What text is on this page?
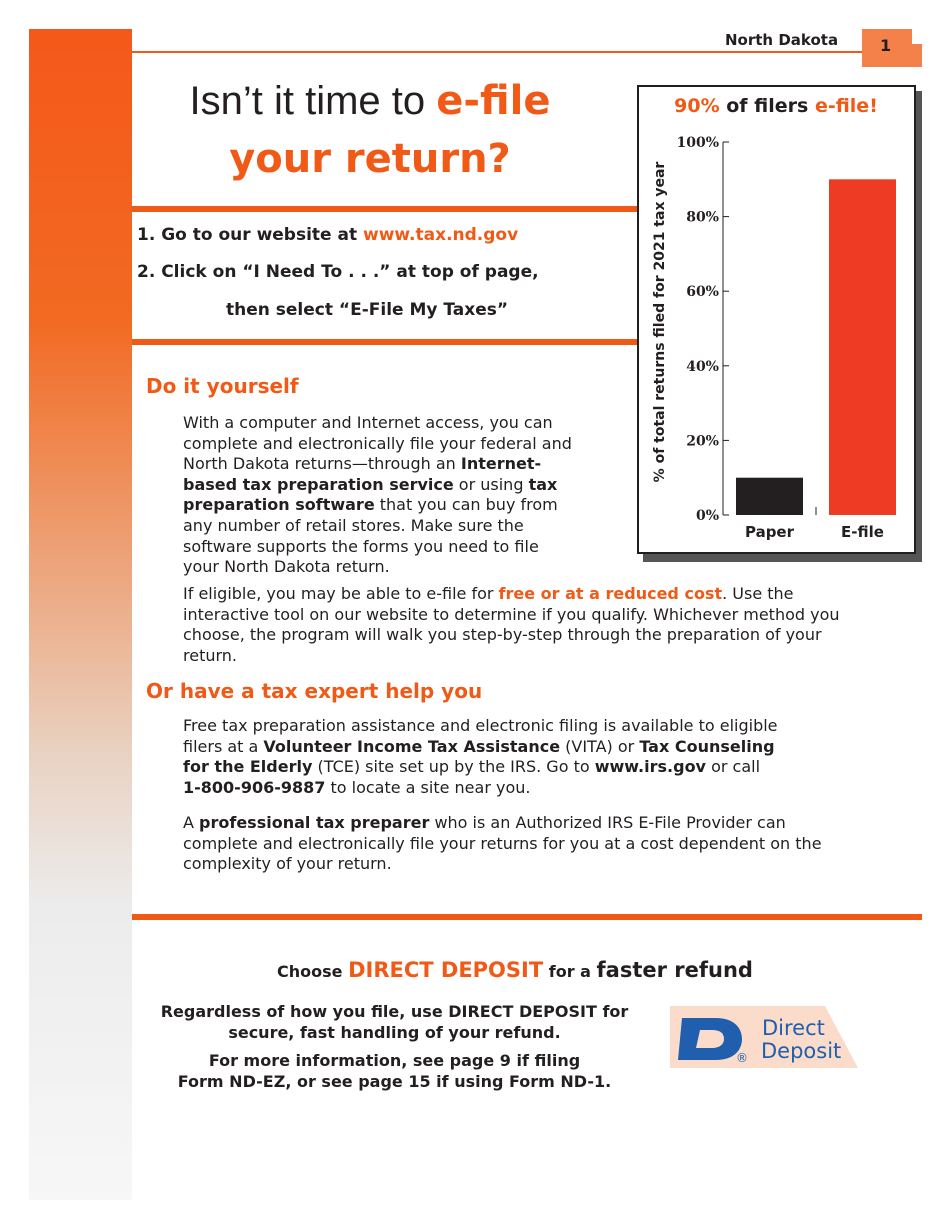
North Dakota	1
Isn’t it time to e-file
your return?
1. Go to our website at www.tax.nd.gov
2. Click on “I Need To . . .” at top of page,
then select “E-File My Taxes”
Do it yourself
With a computer and Internet access, you can
complete and electronically file your federal and
North Dakota returns—through an Internet-
based tax preparation service or using tax
preparation software that you can buy from
any number of retail stores. Make sure the
software supports the forms you need to file
your North Dakota return.
If eligible, you may be able to e-file for free or at a reduced cost. Use the
interactive tool on our website to determine if you qualify. Whichever method you
choose, the program will walk you step-by-step through the preparation of your
return.
Or have a tax expert help you
Free tax preparation assistance and electronic filing is available to eligible
filers at a Volunteer Income Tax Assistance (VITA) or Tax Counseling
for the Elderly (TCE) site set up by the IRS. Go to www.irs.gov or call
1-800-906-9887 to locate a site near you.
A professional tax preparer who is an Authorized IRS E-File Provider can
complete and electronically file your returns for you at a cost dependent on the
complexity of your return.
90% of filers e-file!
% of total returns filed for 2021 tax year
0%
20%
40%
60%
80%
100%
Paper	E-file
Choose DIRECT DEPOSIT for a faster refund
Regardless of how you file, use DIRECT DEPOSIT for
secure, fast handling of your refund.
For more information, see page 9 if filing
Form ND-EZ, or see page 15 if using Form ND-1.
®
Direct
Deposit
